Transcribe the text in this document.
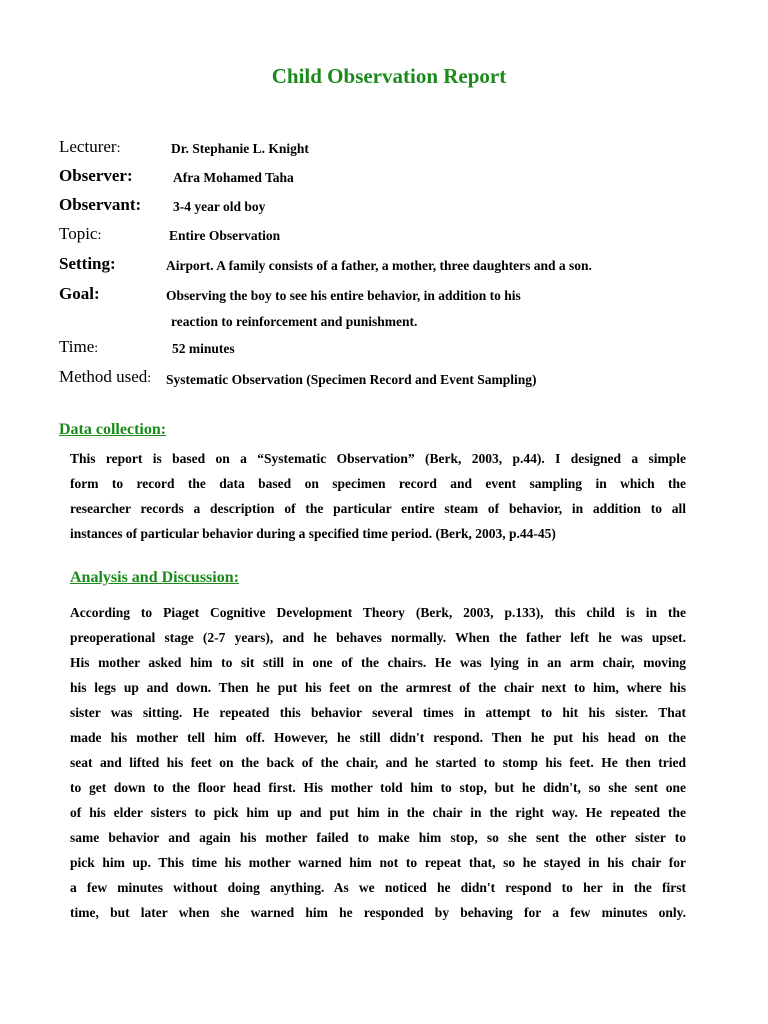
Child Observation Report
Lecturer:	Dr. Stephanie L. Knight
Observer:	Afra Mohamed Taha
Observant: 3-4 year old boy
Topic:	Entire Observation
Setting:	Airport. A family consists of a father, a mother, three daughters and a son.
Goal:	Observing the boy to see his entire behavior, in addition to his
reaction to reinforcement and punishment.
Time:	52 minutes
Method used: Systematic Observation (Specimen Record and Event Sampling)
Data collection:
This report is based on a “Systematic Observation” (Berk, 2003, p.44). I designed a simple
form to record the data based on specimen record and event sampling in which the
researcher records a description of the particular entire steam of behavior, in addition to all
instances of particular behavior during a specified time period. (Berk, 2003, p.44-45)
Analysis and Discussion:
According to Piaget Cognitive Development Theory (Berk, 2003, p.133), this child is in the
preoperational stage (2-7 years), and he behaves normally. When the father left he was upset.
His mother asked him to sit still in one of the chairs. He was lying in an arm chair, moving
his legs up and down. Then he put his feet on the armrest of the chair next to him, where his
sister was sitting. He repeated this behavior several times in attempt to hit his sister. That
made his mother tell him off. However, he still didn't respond. Then he put his head on the
seat and lifted his feet on the back of the chair, and he started to stomp his feet. He then tried
to get down to the floor head first. His mother told him to stop, but he didn't, so she sent one
of his elder sisters to pick him up and put him in the chair in the right way. He repeated the
same behavior and again his mother failed to make him stop, so she sent the other sister to
pick him up. This time his mother warned him not to repeat that, so he stayed in his chair for
a few minutes without doing anything. As we noticed he didn't respond to her in the first
time, but later when she warned him he responded by behaving for a few minutes only.
